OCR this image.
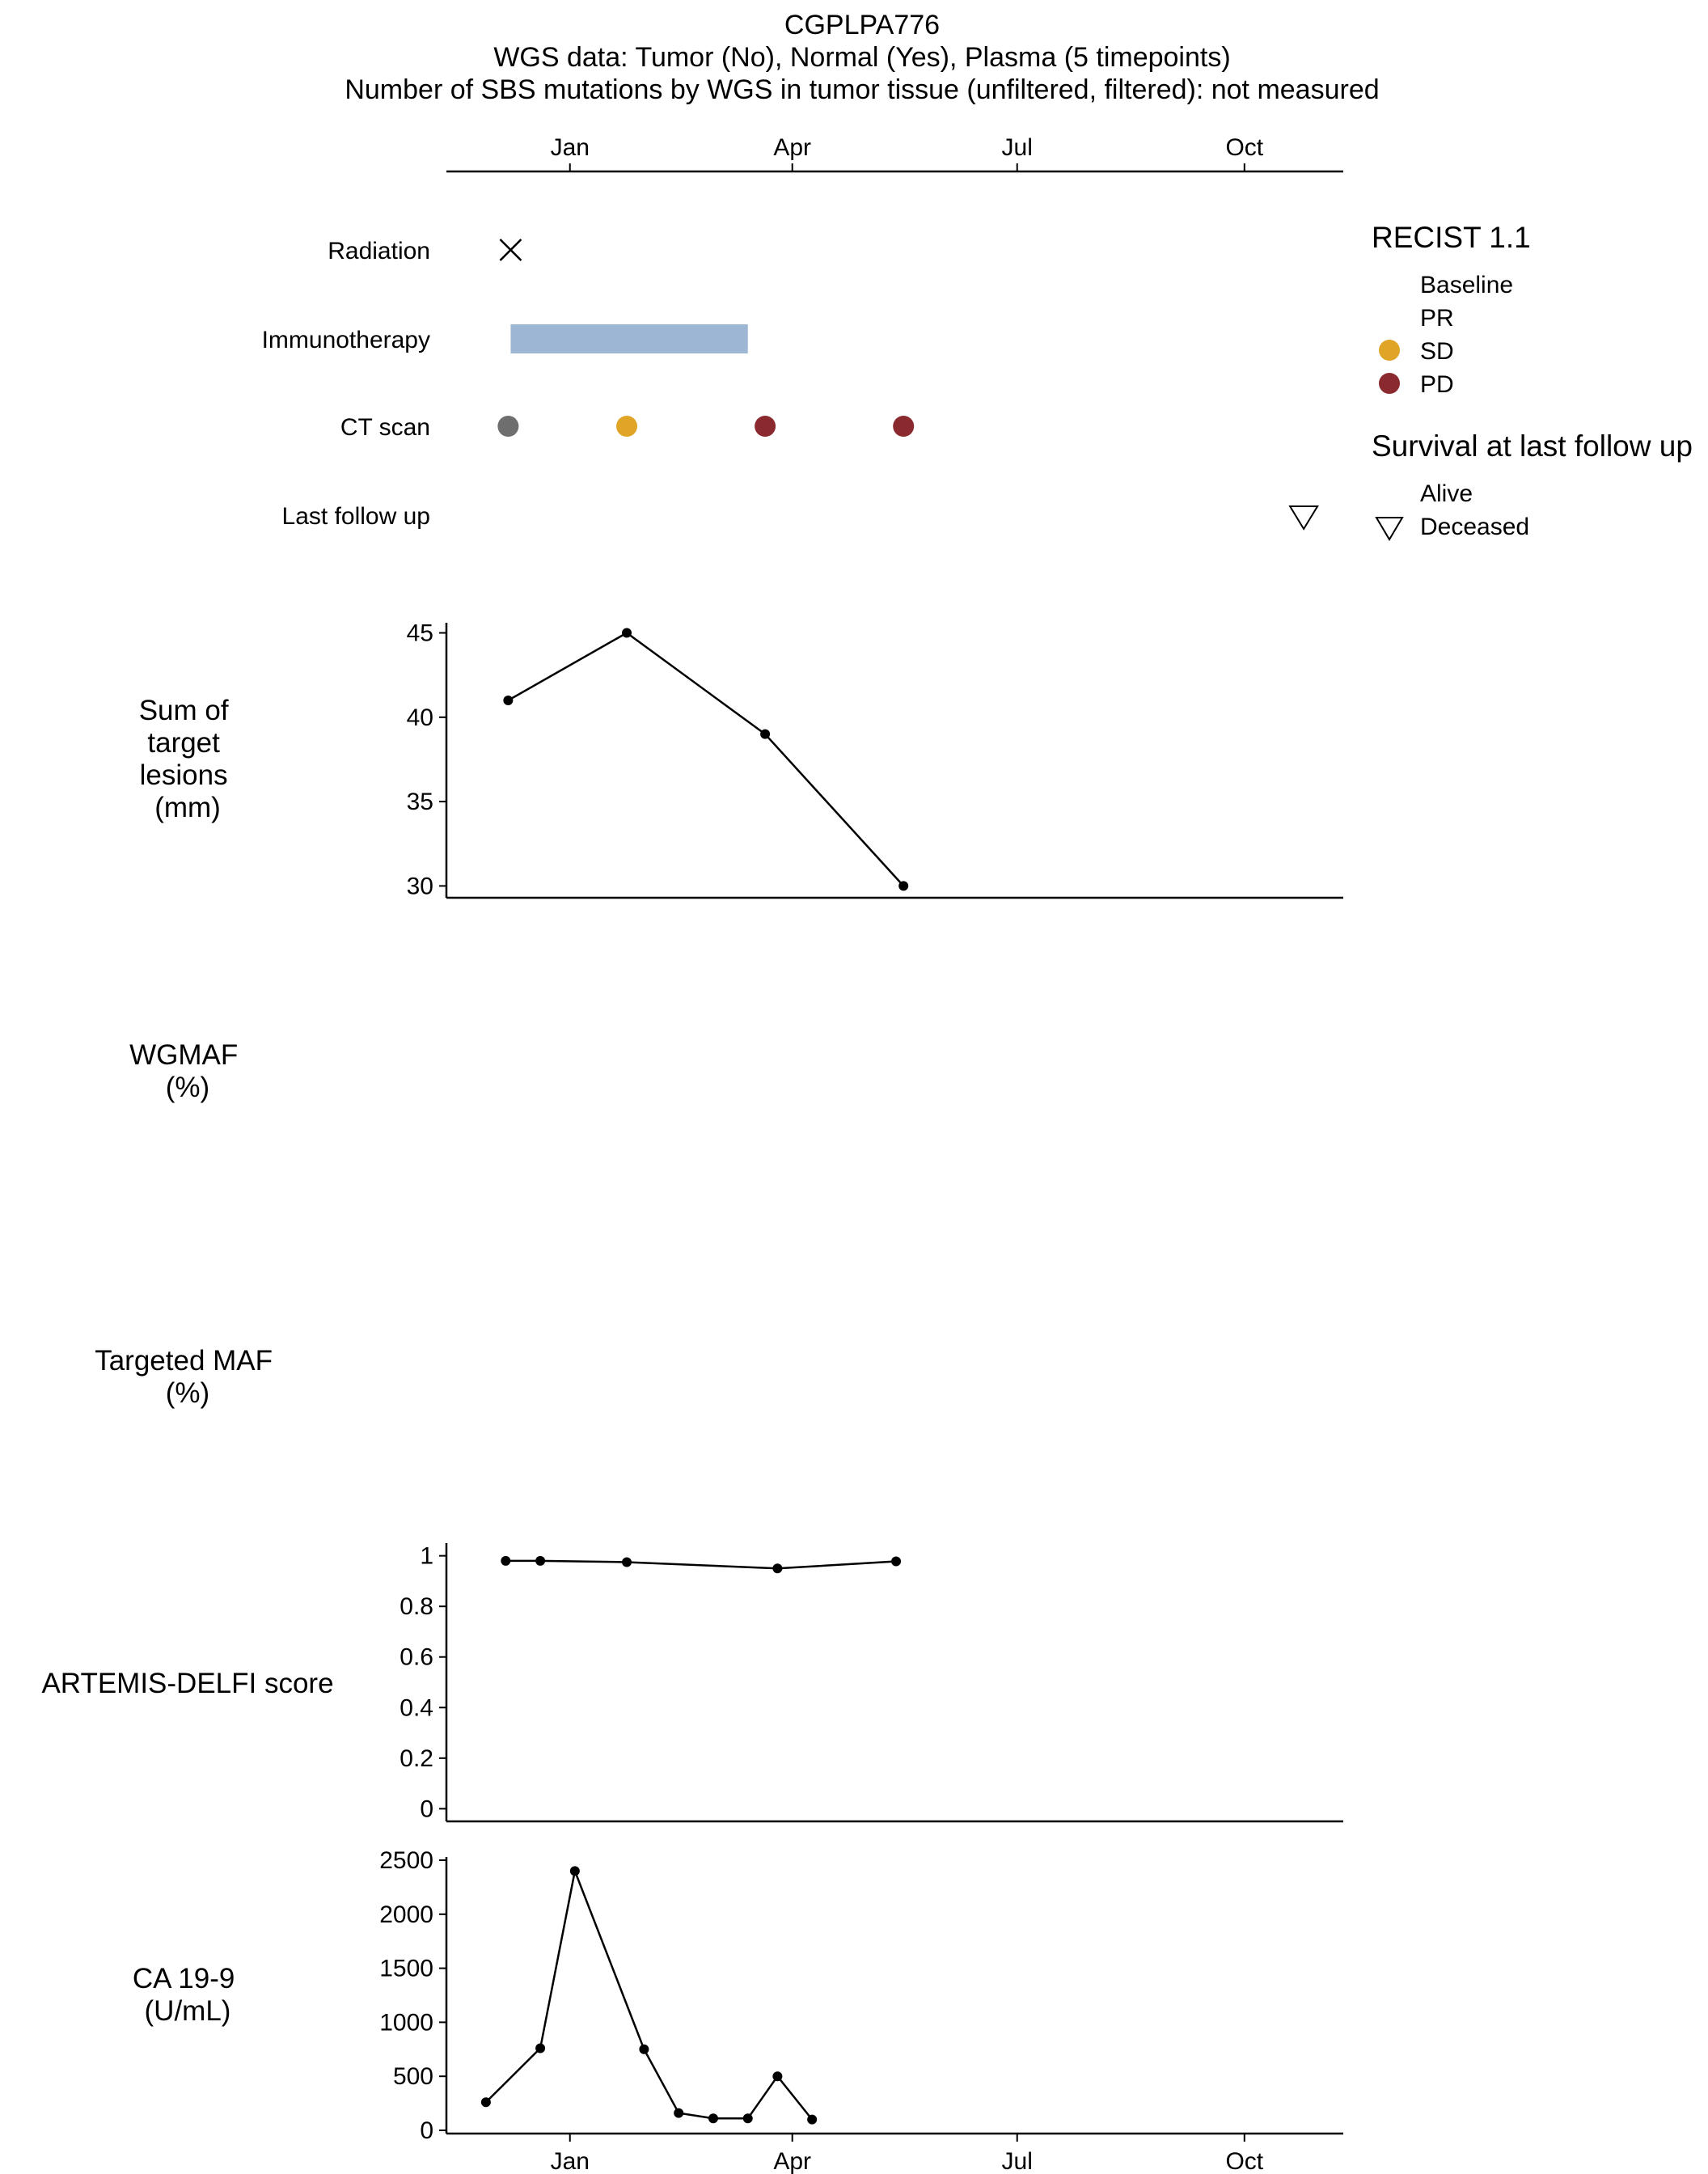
CGPLPA776
WGS data: Tumor (No), Normal (Yes), Plasma (5 timepoints)
Number of SBS mutations by WGS in tumor tissue (unfiltered, filtered): not measured
Radiation
Immunotherapy
CT scan
Last follow up
Sum of target lesions (mm)
WGMAF (%)
Targeted MAF (%)
ARTEMIS-DELFI score
CA 19-9 (U/mL)
RECIST 1.1
Baseline
PR
SD
PD
Survival at last follow up
Alive
Deceased
Jan	Apr	Jul	Oct
30
35
40
45
0
0.2
0.4
0.6
0.8
1
0
500
1000
1500
2000
2500
Jan	Apr	Jul	Oct
